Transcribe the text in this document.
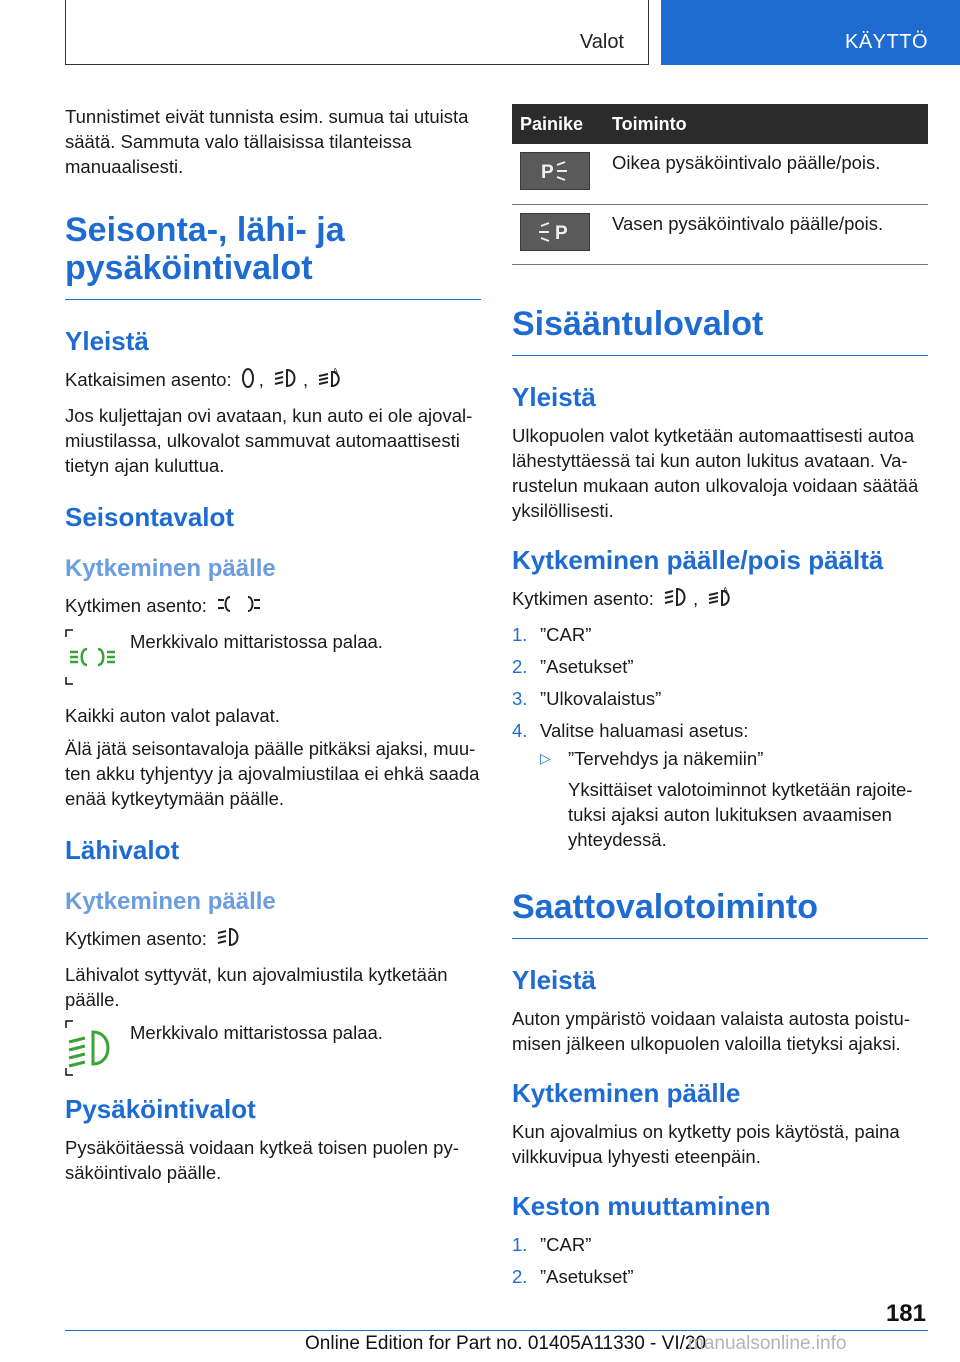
Valot	KÄYTTÖ

Tunnistimet eivät tunnista esim. sumua tai utuista säätä. Sammuta valo tällaisissa tilanteissa manuaalisesti.

Seisonta-, lähi- ja pysäköintivalot
Yleistä

Katkaisimen asento: , ,	A

Jos kuljettajan ovi avataan, kun auto ei ole ajoval-miustilassa, ulkovalot sammuvat automaattisesti tietyn ajan kuluttua.

Seisontavalot
Kytkeminen päälle

Kytkimen asento:

Merkkivalo mittaristossa palaa.

Kaikki auton valot palavat.

Älä jätä seisontavaloja päälle pitkäksi ajaksi, muu-ten akku tyhjentyy ja ajovalmiustilaa ei ehkä saada enää kytkeytymään päälle.

Lähivalot
Kytkeminen päälle

Kytkimen asento:

Lähivalot syttyvät, kun ajovalmiustila kytketään päälle.

Merkkivalo mittaristossa palaa.

Pysäköintivalot

Pysäköitäessä voidaan kytkeä toisen puolen py-säköintivalo päälle.

Painike	Toiminto

P	Oikea pysäköintivalo päälle/pois.

P	Vasen pysäköintivalo päälle/pois.
Sisääntulovalot
Yleistä

Ulkopuolen valot kytketään automaattisesti autoa lähestyttäessä tai kun auton lukitus avataan. Va-rustelun mukaan auton ulkovaloja voidaan säätää yksilöllisesti.

Kytkeminen päälle/pois päältä

Kytkimen asento: ,	A

1. ”CAR”
2. ”Asetukset”
3. ”Ulkovalaistus”
4. Valitse haluamasi asetus:
▷ ”Tervehdys ja näkemiin”
Yksittäiset valotoiminnot kytketään rajoite-tuksi ajaksi auton lukituksen avaamisen yhteydessä.
Saattovalotoiminto
Yleistä

Auton ympäristö voidaan valaista autosta poistu-misen jälkeen ulkopuolen valoilla tietyksi ajaksi.

Kytkeminen päälle

Kun ajovalmius on kytketty pois käytöstä, paina vilkkuvipua lyhyesti eteenpäin.

Keston muuttaminen
1. ”CAR”
2. ”Asetukset”
181
Online Edition for Part no. 01405A11330 - VI/20
manualsonline.info
